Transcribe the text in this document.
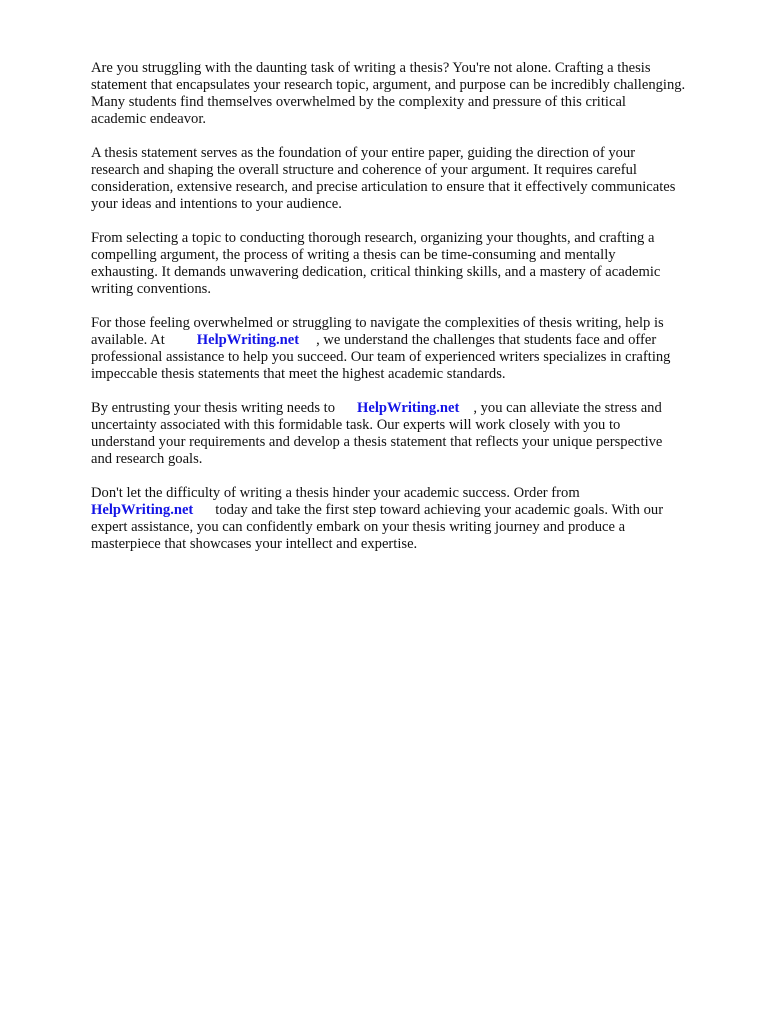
Are you struggling with the daunting task of writing a thesis? You're not alone. Crafting a thesis
statement that encapsulates your research topic, argument, and purpose can be incredibly challenging.
Many students find themselves overwhelmed by the complexity and pressure of this critical
academic endeavor.

A thesis statement serves as the foundation of your entire paper, guiding the direction of your
research and shaping the overall structure and coherence of your argument. It requires careful
consideration, extensive research, and precise articulation to ensure that it effectively communicates
your ideas and intentions to your audience.

From selecting a topic to conducting thorough research, organizing your thoughts, and crafting a
compelling argument, the process of writing a thesis can be time-consuming and mentally
exhausting. It demands unwavering dedication, critical thinking skills, and a mastery of academic
writing conventions.

For those feeling overwhelmed or struggling to navigate the complexities of thesis writing, help is
available. At HelpWriting.net , we understand the challenges that students face and offer
professional assistance to help you succeed. Our team of experienced writers specializes in crafting
impeccable thesis statements that meet the highest academic standards.

By entrusting your thesis writing needs to HelpWriting.net , you can alleviate the stress and
uncertainty associated with this formidable task. Our experts will work closely with you to
understand your requirements and develop a thesis statement that reflects your unique perspective
and research goals.

Don't let the difficulty of writing a thesis hinder your academic success. Order from
HelpWriting.net today and take the first step toward achieving your academic goals. With our
expert assistance, you can confidently embark on your thesis writing journey and produce a
masterpiece that showcases your intellect and expertise.
